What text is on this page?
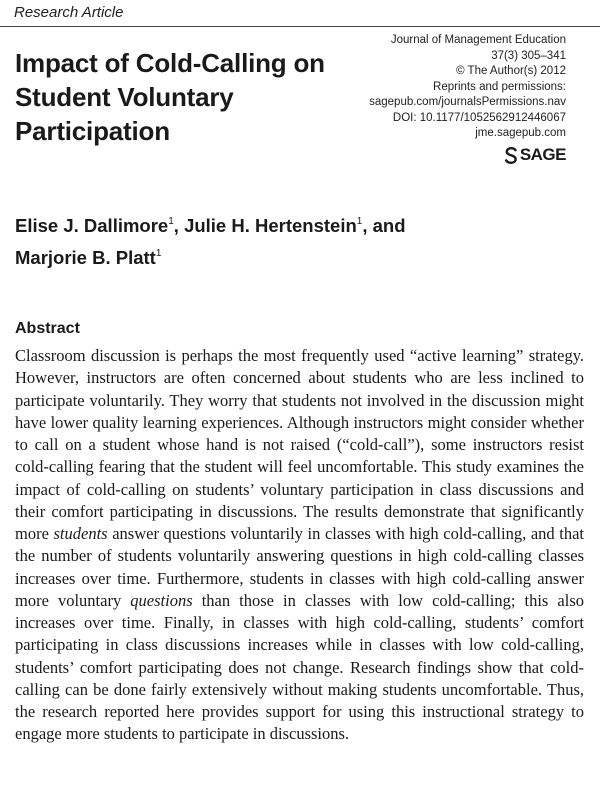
Research Article
Impact of Cold-Calling on Student Voluntary Participation
Journal of Management Education
37(3) 305–341
© The Author(s) 2012
Reprints and permissions:
sagepub.com/journalsPermissions.nav
DOI: 10.1177/1052562912446067
jme.sagepub.com
SAGE
Elise J. Dallimore$^1$, Julie H. Hertenstein$^1$, and
Marjorie B. Platt$^1$
Abstract

Classroom discussion is perhaps the most frequently used “active learning” strategy. However, instructors are often concerned about students who are less inclined to participate voluntarily. They worry that students not involved in the discussion might have lower quality learning experiences. Although instructors might consider whether to call on a student whose hand is not raised (“cold-call”), some instructors resist cold-calling fearing that the student will feel uncomfortable. This study examines the impact of cold-calling on students’ voluntary participation in class discussions and their comfort participating in discussions. The results demonstrate that significantly more students answer questions voluntarily in classes with high cold-calling, and that the number of students voluntarily answering questions in high cold-calling classes increases over time. Furthermore, students in classes with high cold-calling answer more voluntary questions than those in classes with low cold-calling; this also increases over time. Finally, in classes with high cold-calling, students’ comfort participating in class discussions increases while in classes with low cold-calling, students’ comfort participating does not change. Research findings show that cold-calling can be done fairly extensively without making students uncomfortable. Thus, the research reported here provides support for using this instructional strategy to engage more students to participate in discussions.
